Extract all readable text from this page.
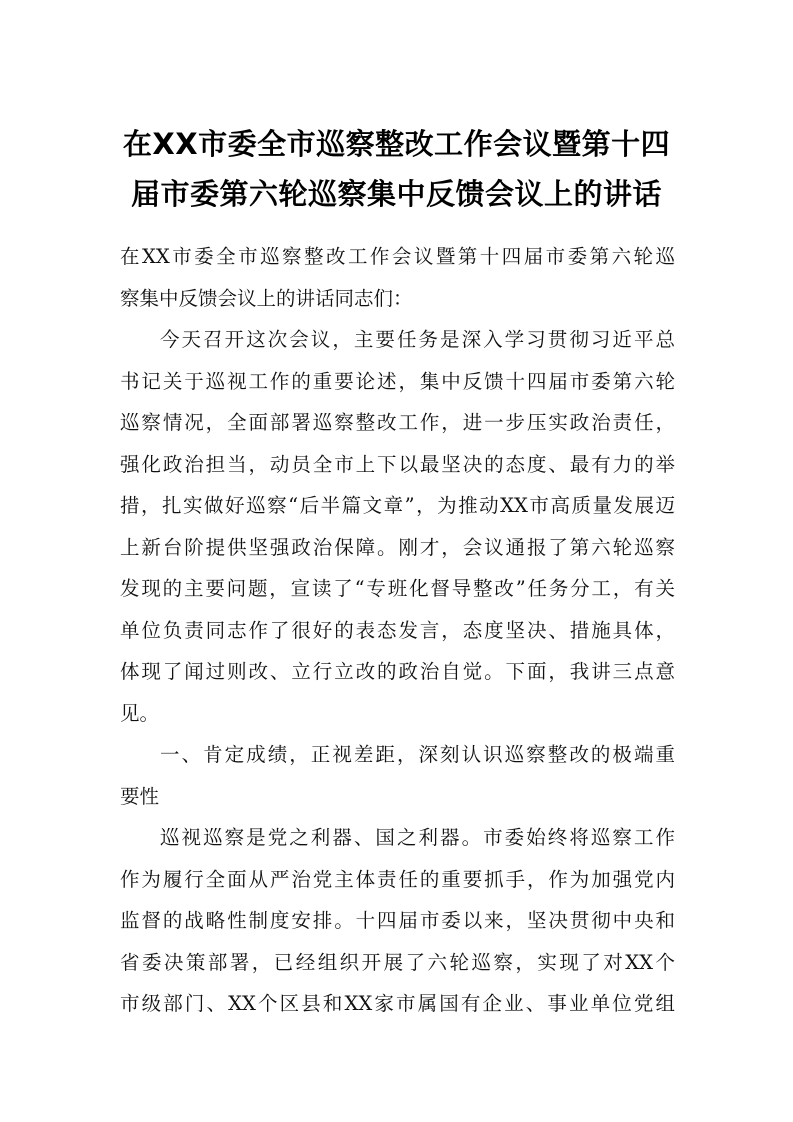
在XX市委全市巡察整改工作会议暨第十四
届市委第六轮巡察集中反馈会议上的讲话
在XX市委全市巡察整改工作会议暨第十四届市委第六轮巡
察集中反馈会议上的讲话同志们：
今天召开这次会议，主要任务是深入学习贯彻习近平总
书记关于巡视工作的重要论述，集中反馈十四届市委第六轮
巡察情况，全面部署巡察整改工作，进一步压实政治责任，
强化政治担当，动员全市上下以最坚决的态度、最有力的举
措，扎实做好巡察“后半篇文章”，为推动XX市高质量发展迈
上新台阶提供坚强政治保障。刚才，会议通报了第六轮巡察
发现的主要问题，宣读了“专班化督导整改”任务分工，有关
单位负责同志作了很好的表态发言，态度坚决、措施具体，
体现了闻过则改、立行立改的政治自觉。下面，我讲三点意
见。
一、肯定成绩，正视差距，深刻认识巡察整改的极端重
要性
巡视巡察是党之利器、国之利器。市委始终将巡察工作
作为履行全面从严治党主体责任的重要抓手，作为加强党内
监督的战略性制度安排。十四届市委以来，坚决贯彻中央和
省委决策部署，已经组织开展了六轮巡察，实现了对XX个
市级部门、XX个区县和XX家市属国有企业、事业单位党组
